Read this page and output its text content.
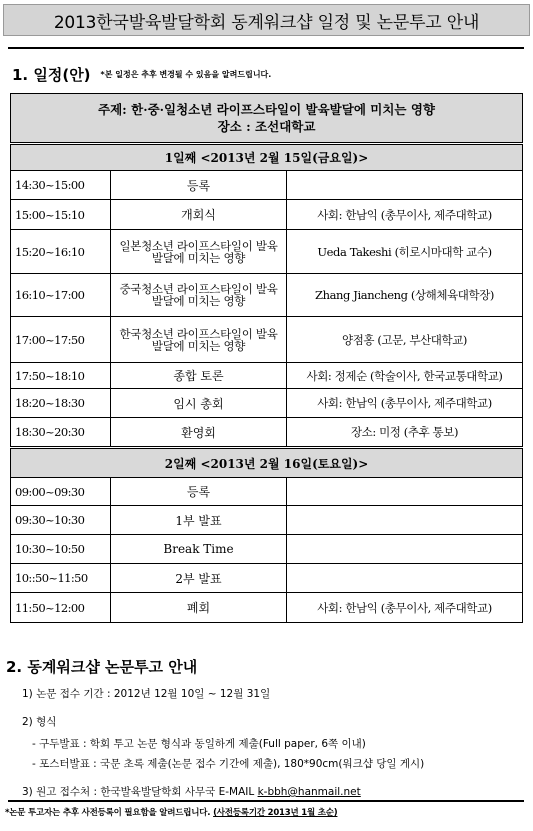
2013한국발육발달학회 동계워크샵 일정 및 논문투고 안내
1. 일정(안) *본 일정은 추후 변경될 수 있음을 알려드립니다.
주제: 한·중·일청소년 라이프스타일이 발육발달에 미치는 영향
장소 : 조선대학교		

1일째 <2013년 2월 15일(금요일)>		
14:30~15:00	등록	
15:00~15:10	개회식	사회: 한남익 (총무이사, 제주대학교)
15:20~16:10	일본청소년 라이프스타일이 발육발달에 미치는 영향	Ueda Takeshi (히로시마대학 교수)
16:10~17:00	중국청소년 라이프스타일이 발육발달에 미치는 영향	Zhang Jiancheng (상해체육대학장)
17:00~17:50	한국청소년 라이프스타일이 발육발달에 미치는 영향	양점홍 (고문, 부산대학교)
17:50~18:10	종합 토론	사회: 정제순 (학술이사, 한국교통대학교)
18:20~18:30	임시 총회	사회: 한남익 (총무이사, 제주대학교)
18:30~20:30	환영회	장소: 미정 (추후 통보)
2일째 <2013년 2월 16일(토요일)>		
09:00~09:30	등록	
09:30~10:30	1부 발표	
10:30~10:50	Break Time	
10::50~11:50	2부 발표	
11:50~12:00	폐회	사회: 한남익 (총무이사, 제주대학교)
2. 동계워크샵 논문투고 안내
1) 논문 접수 기간 : 2012년 12월 10일 ~ 12월 31일
2) 형식
- 구두발표 : 학회 투고 논문 형식과 동일하게 제출(Full paper, 6쪽 이내)
- 포스터발표 : 국문 초록 제출(논문 접수 기간에 제출), 180*90cm(워크샵 당일 게시)
3) 원고 접수처 : 한국발육발달학회 사무국 E-MAIL k-bbh@hanmail.net
*논문 투고자는 추후 사전등록이 필요함을 알려드립니다. (사전등록기간 2013년 1월 초순)
